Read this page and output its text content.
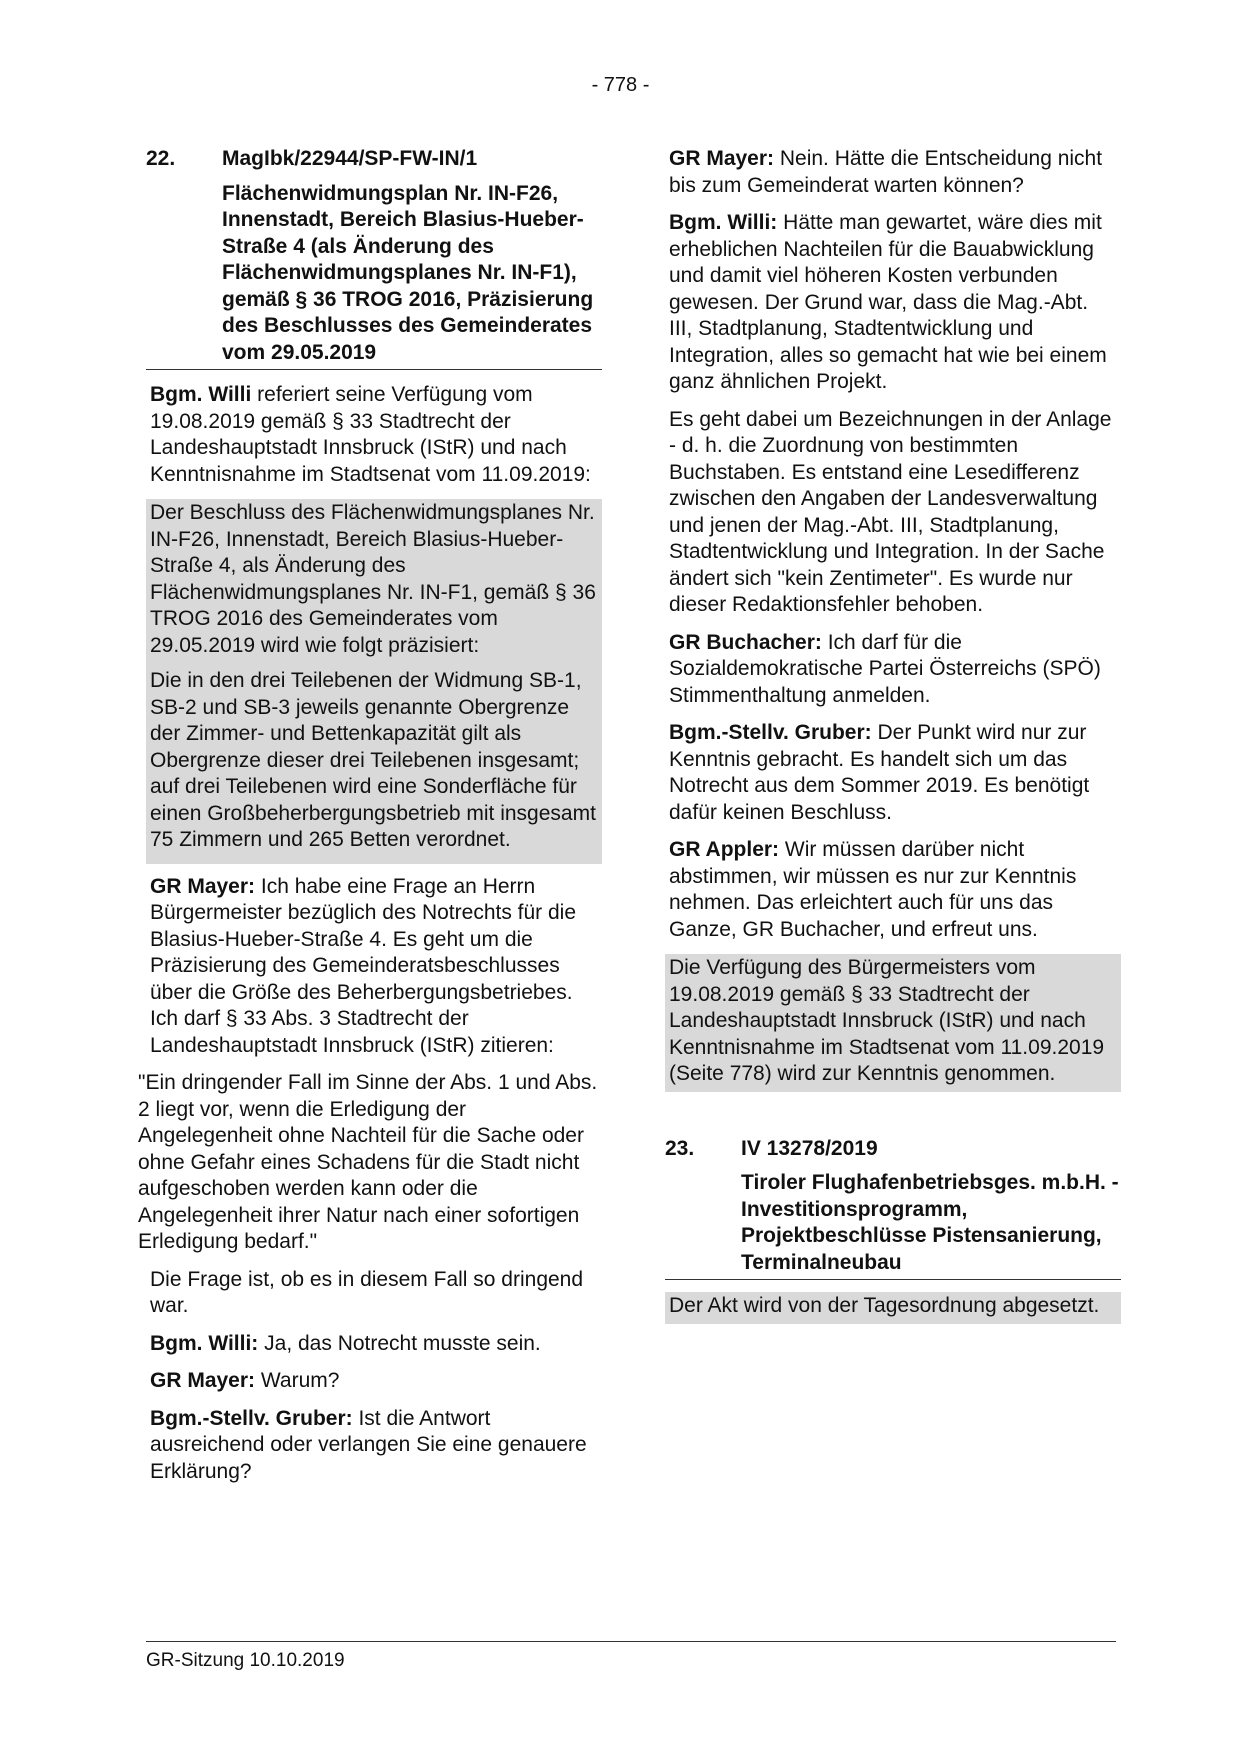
- 778 -
22.	MagIbk/22944/SP-FW-IN/1
Flächenwidmungsplan Nr. IN-F26, Innenstadt, Bereich Blasius-Hueber-Straße 4 (als Änderung des Flächenwidmungsplanes Nr. IN-F1), gemäß § 36 TROG 2016, Präzisierung des Beschlusses des Gemeinderates vom 29.05.2019

Bgm. Willi referiert seine Verfügung vom 19.08.2019 gemäß § 33 Stadtrecht der Landeshauptstadt Innsbruck (IStR) und nach Kenntnisnahme im Stadtsenat vom 11.09.2019:

Der Beschluss des Flächenwidmungsplanes Nr. IN-F26, Innenstadt, Bereich Blasius-Hueber-Straße 4, als Änderung des Flächenwidmungsplanes Nr. IN-F1, gemäß § 36 TROG 2016 des Gemeinderates vom 29.05.2019 wird wie folgt präzisiert:

Die in den drei Teilebenen der Widmung SB-1, SB-2 und SB-3 jeweils genannte Obergrenze der Zimmer- und Bettenkapazität gilt als Obergrenze dieser drei Teilebenen insgesamt; auf drei Teilebenen wird eine Sonderfläche für einen Großbeherbergungsbetrieb mit insgesamt 75 Zimmern und 265 Betten verordnet.

GR Mayer: Ich habe eine Frage an Herrn Bürgermeister bezüglich des Notrechts für die Blasius-Hueber-Straße 4. Es geht um die Präzisierung des Gemeinderatsbeschlusses über die Größe des Beherbergungsbetriebes. Ich darf § 33 Abs. 3 Stadtrecht der Landeshauptstadt Innsbruck (IStR) zitieren:

"Ein dringender Fall im Sinne der Abs. 1 und Abs. 2 liegt vor, wenn die Erledigung der Angelegenheit ohne Nachteil für die Sache oder ohne Gefahr eines Schadens für die Stadt nicht aufgeschoben werden kann oder die Angelegenheit ihrer Natur nach einer sofortigen Erledigung bedarf."

Die Frage ist, ob es in diesem Fall so dringend war.

Bgm. Willi: Ja, das Notrecht musste sein.

GR Mayer: Warum?

Bgm.-Stellv. Gruber: Ist die Antwort ausreichend oder verlangen Sie eine genauere Erklärung?

GR Mayer: Nein. Hätte die Entscheidung nicht bis zum Gemeinderat warten können?

Bgm. Willi: Hätte man gewartet, wäre dies mit erheblichen Nachteilen für die Bauabwicklung und damit viel höheren Kosten verbunden gewesen. Der Grund war, dass die Mag.-Abt. III, Stadtplanung, Stadtentwicklung und Integration, alles so gemacht hat wie bei einem ganz ähnlichen Projekt.

Es geht dabei um Bezeichnungen in der Anlage - d. h. die Zuordnung von bestimmten Buchstaben. Es entstand eine Lesedifferenz zwischen den Angaben der Landesverwaltung und jenen der Mag.-Abt. III, Stadtplanung, Stadtentwicklung und Integration. In der Sache ändert sich "kein Zentimeter". Es wurde nur dieser Redaktionsfehler behoben.

GR Buchacher: Ich darf für die Sozialdemokratische Partei Österreichs (SPÖ) Stimmenthaltung anmelden.

Bgm.-Stellv. Gruber: Der Punkt wird nur zur Kenntnis gebracht. Es handelt sich um das Notrecht aus dem Sommer 2019. Es benötigt dafür keinen Beschluss.

GR Appler: Wir müssen darüber nicht abstimmen, wir müssen es nur zur Kenntnis nehmen. Das erleichtert auch für uns das Ganze, GR Buchacher, und erfreut uns.

Die Verfügung des Bürgermeisters vom 19.08.2019 gemäß § 33 Stadtrecht der Landeshauptstadt Innsbruck (IStR) und nach Kenntnisnahme im Stadtsenat vom 11.09.2019 (Seite 778) wird zur Kenntnis genommen.

23.	IV 13278/2019
Tiroler Flughafenbetriebsges. m.b.H. - Investitionsprogramm, Projektbeschlüsse Pistensanierung, Terminalneubau

Der Akt wird von der Tagesordnung abgesetzt.

GR-Sitzung 10.10.2019
